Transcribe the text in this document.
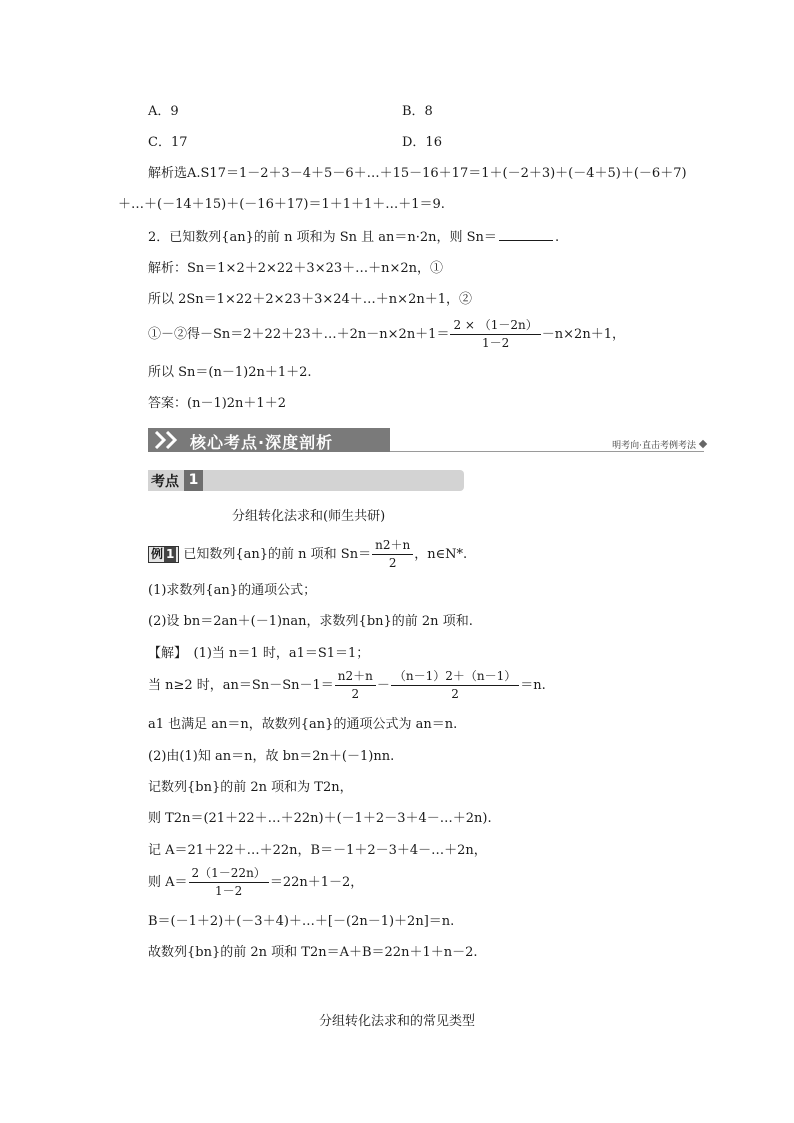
A．9	B．8
C．17	D．16
解析选A.S17＝1－2＋3－4＋5－6＋…＋15－16＋17＝1＋(－2＋3)＋(－4＋5)＋(－6＋7)
＋…＋(－14＋15)＋(－16＋17)＝1＋1＋1＋…＋1＝9.
2．已知数列{an}的前 n 项和为 Sn 且 an＝n·2n，则 Sn＝	.
解析：Sn＝1×2＋2×22＋3×23＋…＋n×2n，①
所以 2Sn＝1×22＋2×23＋3×24＋…＋n×2n＋1，②
①－②得－Sn＝2＋22＋23＋…＋2n－n×2n＋1＝ $\frac{2 \times (1-2n)}{1-2} -n\times 2n+1$，
所以 Sn＝(n－1)2n＋1＋2.
答案：(n－1)2n＋1＋2
核心考点·深度剖析	明考向·直击考例考法
考点 1
分组转化法求和(师生共研)
例 1 已知数列{an}的前 n 项和 $Sn= \frac{n2+n}{2}$ ，n∈N*.
(1)求数列{an}的通项公式；
(2)设 bn＝2an＋(－1)nan，求数列{bn}的前 2n 项和.
【解】　(1)当 n＝1 时，a1＝S1＝1；
当 n≥2 时，$an=Sn-Sn-1= \frac{n2+n}{2} - \frac{(n-1)2+(n-1)}{2} =n$.
a1 也满足 an＝n，故数列{an}的通项公式为 an＝n.
(2)由(1)知 an＝n，故 bn＝2n＋(－1)nn.
记数列{bn}的前 2n 项和为 T2n，
则 T2n＝(21＋22＋…＋22n)＋(－1＋2－3＋4－…＋2n).
记 A＝21＋22＋…＋22n，B＝－1＋2－3＋4－…＋2n，
则 $A= \frac{2(1-22n)}{1-2} =22n+1-2$，
B＝(－1＋2)＋(－3＋4)＋…＋[－(2n－1)＋2n]＝n.
故数列{bn}的前 2n 项和 T2n＝A＋B＝22n＋1＋n－2.
分组转化法求和的常见类型
